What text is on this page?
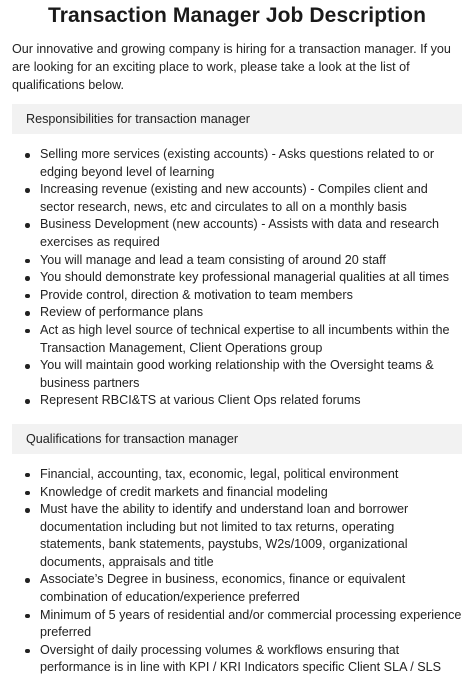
Transaction Manager Job Description

Our innovative and growing company is hiring for a transaction manager. If you are looking for an exciting place to work, please take a look at the list of qualifications below.

Responsibilities for transaction manager
Selling more services (existing accounts) - Asks questions related to or edging beyond level of learning
Increasing revenue (existing and new accounts) - Compiles client and sector research, news, etc and circulates to all on a monthly basis
Business Development (new accounts) - Assists with data and research exercises as required
You will manage and lead a team consisting of around 20 staff
You should demonstrate key professional managerial qualities at all times
Provide control, direction & motivation to team members
Review of performance plans
Act as high level source of technical expertise to all incumbents within the Transaction Management, Client Operations group
You will maintain good working relationship with the Oversight teams & business partners
Represent RBCI&TS at various Client Ops related forums
Qualifications for transaction manager
Financial, accounting, tax, economic, legal, political environment
Knowledge of credit markets and financial modeling
Must have the ability to identify and understand loan and borrower documentation including but not limited to tax returns, operating statements, bank statements, paystubs, W2s/1009, organizational documents, appraisals and title
Associate’s Degree in business, economics, finance or equivalent combination of education/experience preferred
Minimum of 5 years of residential and/or commercial processing experience preferred
Oversight of daily processing volumes & workflows ensuring that performance is in line with KPI / KRI Indicators specific Client SLA / SLS
